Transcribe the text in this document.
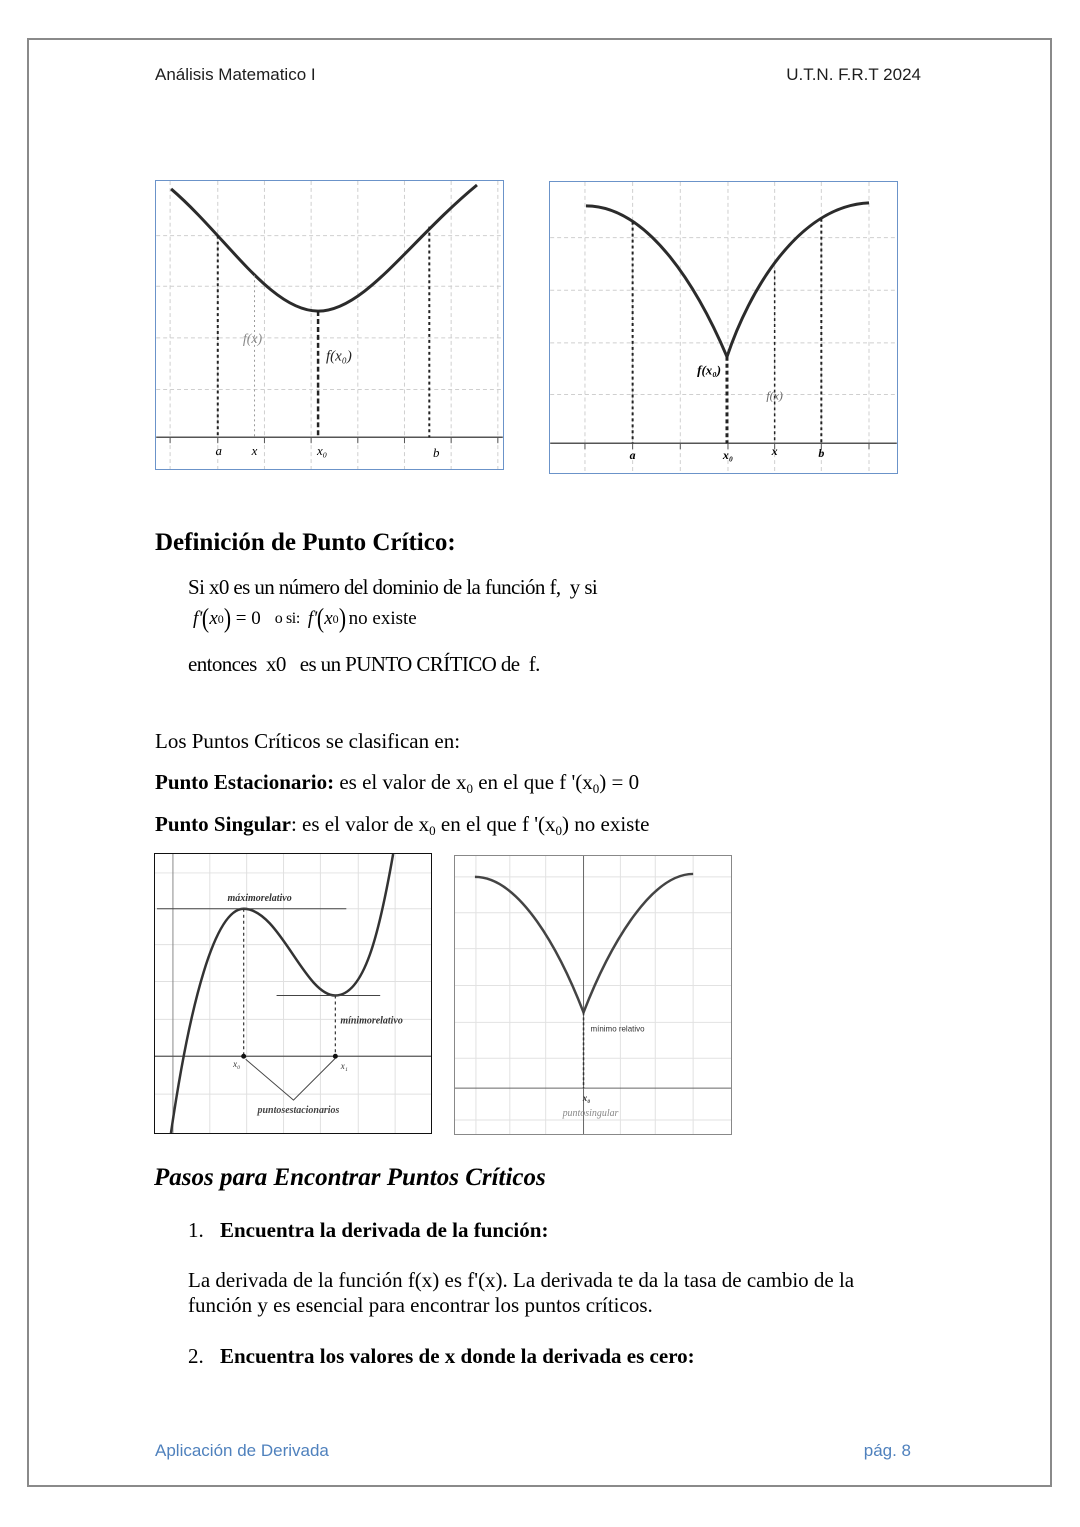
Análisis Matematico I	U.T.N. F.R.T 2024
a x	x₀	b
f(x)
f(x₀)
f(x₀)
f(x)
a	x₀	x	b
Definición de Punto Crítico:
Si x0 es un número del dominio de la función f,  y si
f' ( x 0 ) = 0 o si: f' ( x 0 ) no existe
entonces  x0   es un PUNTO CRÍTICO de  f.
Los Puntos Críticos se clasifican en:
Punto Estacionario: es el valor de $x_0$ en el que f '$(x_0) = 0$
Punto Singular: es el valor de $x_0$ en el que f '$(x_0)$ no existe
máximorelativo
mínimorelativo
x₀	x₁
puntosestacionarios
mínimo relativo
x₀
puntosingular
Pasos para Encontrar Puntos Críticos
1. Encuentra la derivada de la función:
La derivada de la función f(x) es f'(x). La derivada te da la tasa de cambio de la función y es esencial para encontrar los puntos críticos.
2. Encuentra los valores de x donde la derivada es cero:
Aplicación de Derivada	pág. 8
